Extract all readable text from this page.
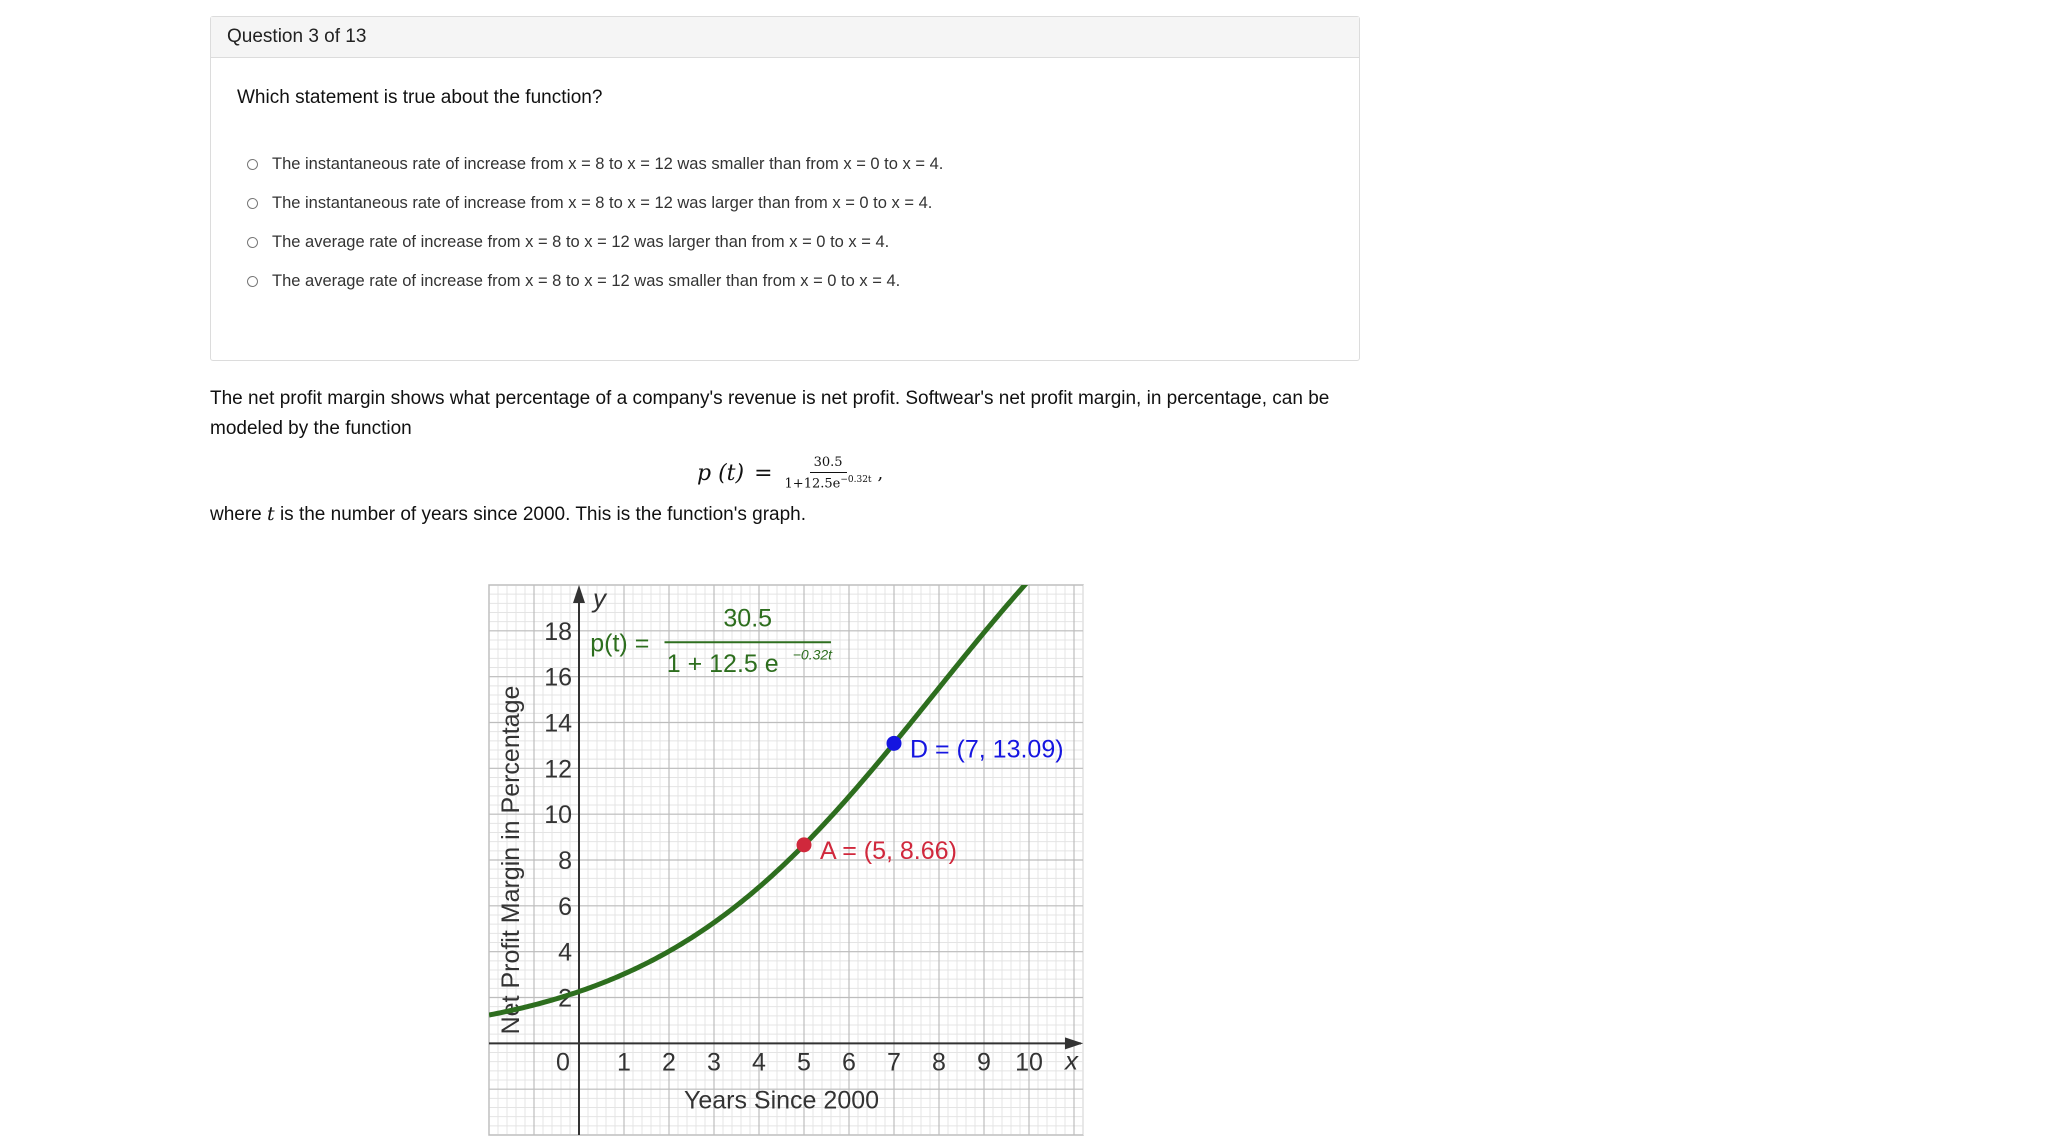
Question 3 of 13
Which statement is true about the function?
The instantaneous rate of increase from x = 8 to x = 12 was smaller than from x = 0 to x = 4.
The instantaneous rate of increase from x = 8 to x = 12 was larger than from x = 0 to x = 4.
The average rate of increase from x = 8 to x = 12 was larger than from x = 0 to x = 4.
The average rate of increase from x = 8 to x = 12 was smaller than from x = 0 to x = 4.
The net profit margin shows what percentage of a company's revenue is net profit. Softwear's net profit margin, in percentage, can be modeled by the function
p $(t) = \frac{30.5}{1+12.5e^{-0.32t}}$ ,
where t is the number of years since 2000. This is the function's graph.
y
x
0 1 2 3 4 5 6 7 8 9 10
2
4
6
8
10
12
14
16
18
Years Since 2000
Net Profit Margin in Percentage
p(t) =
30.5
1 + 12.5 e −0.32t
A = (5, 8.66)
D = (7, 13.09)
